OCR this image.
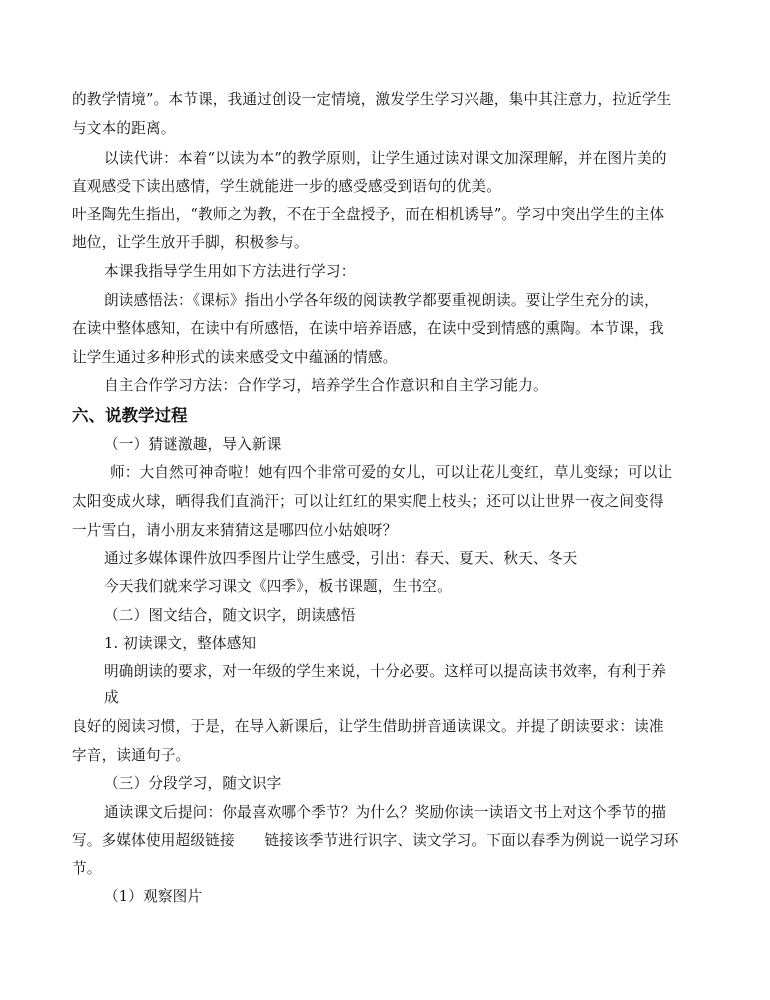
的教学情境”。本节课，我通过创设一定情境，激发学生学习兴趣，集中其注意力，拉近学生
与文本的距离。
以读代讲：本着“以读为本”的教学原则，让学生通过读对课文加深理解，并在图片美的
直观感受下读出感情，学生就能进一步的感受感受到语句的优美。
叶圣陶先生指出，“教师之为教，不在于全盘授予，而在相机诱导”。学习中突出学生的主体
地位，让学生放开手脚，积极参与。
本课我指导学生用如下方法进行学习：
朗读感悟法：《课标》指出小学各年级的阅读教学都要重视朗读。要让学生充分的读，
在读中整体感知，在读中有所感悟，在读中培养语感，在读中受到情感的熏陶。本节课，我
让学生通过多种形式的读来感受文中蕴涵的情感。
自主合作学习方法：合作学习，培养学生合作意识和自主学习能力。
六、说教学过程
（一）猜谜激趣，导入新课
师：大自然可神奇啦！她有四个非常可爱的女儿，可以让花儿变红，草儿变绿；可以让
太阳变成火球，晒得我们直淌汗；可以让红红的果实爬上枝头；还可以让世界一夜之间变得
一片雪白，请小朋友来猜猜这是哪四位小姑娘呀？
通过多媒体课件放四季图片让学生感受，引出：春天、夏天、秋天、冬天
今天我们就来学习课文《四季》，板书课题，生书空。
（二）图文结合，随文识字，朗读感悟
1. 初读课文，整体感知
明确朗读的要求，对一年级的学生来说，十分必要。这样可以提高读书效率，有利于养
成
良好的阅读习惯，于是，在导入新课后，让学生借助拼音通读课文。并提了朗读要求：读准
字音，读通句子。
（三）分段学习，随文识字
通读课文后提问：你最喜欢哪个季节？为什么？奖励你读一读语文书上对这个季节的描
写。多媒体使用超级链接　　链接该季节进行识字、读文学习。下面以春季为例说一说学习环
节。
（1）观察图片
